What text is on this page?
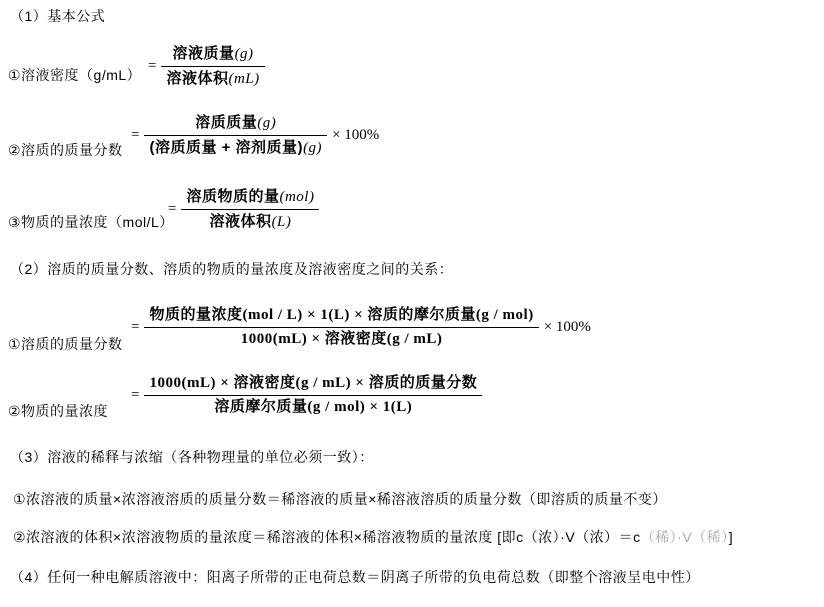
（1）基本公式
①溶液密度（g/mL）
= $\frac{\text{溶液质量(g)}}{\text{溶液体积(mL)}}$
②溶质的质量分数
= $\frac{\text{溶质质量(g)}}{\text{(溶质质量 + 溶剂质量)(g)}} \times 100\%$
③物质的量浓度（mol/L）
= $\frac{\text{溶质物质的量(mol)}}{\text{溶液体积(L)}}$
（2）溶质的质量分数、溶质的物质的量浓度及溶液密度之间的关系：
①溶质的质量分数
= $\frac{\text{物质的量浓度(mol / L) × 1(L) × 溶质的摩尔质量(g / mol)}}{\text{1000(mL) × 溶液密度(g / mL)}} \times 100\%$
②物质的量浓度
= $\frac{\text{1000(mL) × 溶液密度(g / mL) × 溶质的质量分数}}{\text{溶质摩尔质量(g / mol) × 1(L)}}$
（3）溶液的稀释与浓缩（各种物理量的单位必须一致）：
①浓溶液的质量×浓溶液溶质的质量分数＝稀溶液的质量×稀溶液溶质的质量分数（即溶质的质量不变）
②浓溶液的体积×浓溶液物质的量浓度＝稀溶液的体积×稀溶液物质的量浓度 [即c（浓）·V（浓）＝c（稀）·V（稀）]
（4）任何一种电解质溶液中：阳离子所带的正电荷总数＝阴离子所带的负电荷总数（即整个溶液呈电中性）
